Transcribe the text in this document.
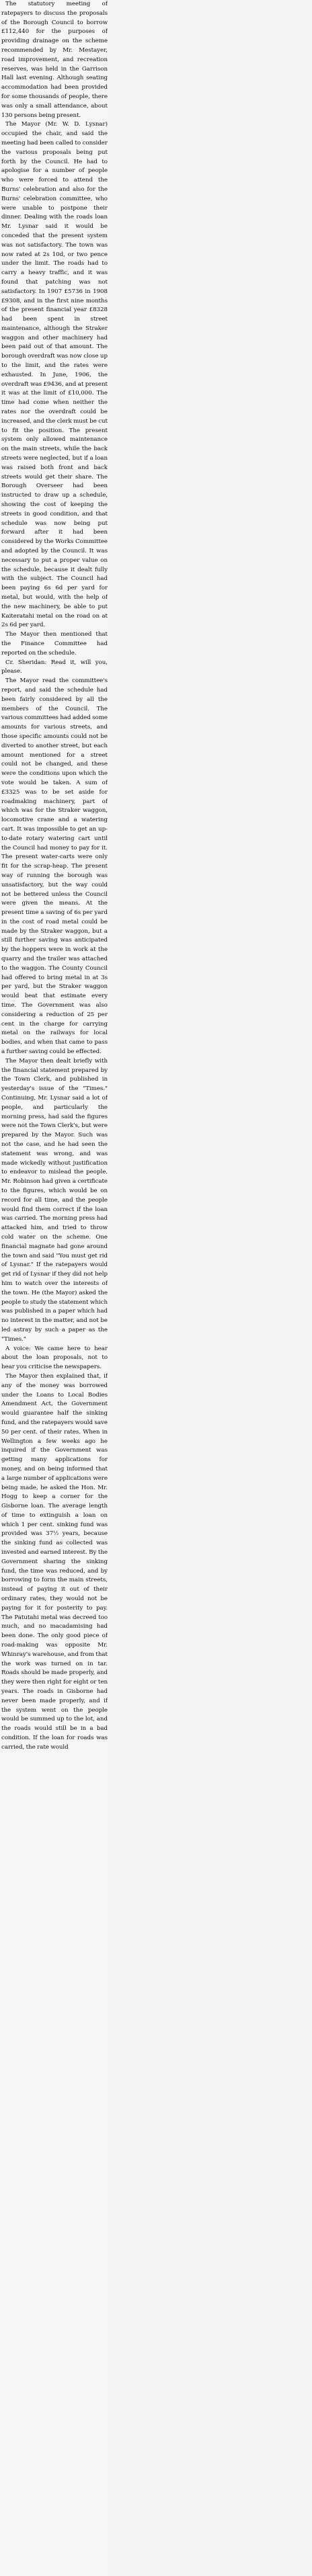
The statutory meeting of ratepayers to discuss the proposals of the Borough Council to borrow £112,440 for the purposes of providing drainage on the scheme recommended by Mr. Mestayer, road improvement, and recreation reserves, was held in the Garrison Hall last evening. Although seating accommodation had been provided for some thousands of people, there was only a small attendance, about 130 persons being present.

The Mayor (Mr. W. D. Lysnar) occupied the chair, and said the meeting had been called to consider the various proposals being put forth by the Council. He had to apologise for a number of people who were forced to attend the Burns' celebration and also for the Burns' celebration committee, who were unable to postpone their dinner. Dealing with the roads loan Mr. Lysnar said it would be conceded that the present system was not satisfactory. The town was now rated at 2s 10d, or two pence under the limit. The roads had to carry a heavy traffic, and it was found that patching was not satisfactory. In 1907 £5736 in 1908 £9308, and in the first nine months of the present financial year £8328 had been spent in street maintenance, although the Straker waggon and other machinery had been paid out of that amount. The borough overdraft was now close up to the limit, and the rates were exhausted. In June, 1906, the overdraft was £9436, and at present it was at the limit of £10,000. The time had come when neither the rates nor the overdraft could be increased, and the clerk must be cut to fit the position. The present system only allowed maintenance on the main streets, while the back streets were neglected, but if a loan was raised both front and back streets would get their share. The Borough Overseer had been instructed to draw up a schedule, showing the cost of keeping the streets in good condition, and that schedule was now being put forward after it had been considered by the Works Committee and adopted by the Council. It was necessary to put a proper value on the schedule, because it dealt fully with the subject. The Council had been paying 6s 6d per yard for metal, but would, with the help of the new machinery, be able to put Kaiteratahi metal on the road on at 2s 6d per yard.

The Mayor then mentioned that the Finance Committee had reported on the schedule.

Cr. Sheridan: Read it, will you, please.

The Mayor read the committee's report, and said the schedule had been fairly considered by all the members of the Council. The various committees had added some amounts for various streets, and those specific amounts could not be diverted to another street, but each amount mentioned for a street could not be changed, and these were the conditions upon which the vote would be taken. A sum of £3325 was to be set aside for roadmaking machinery, part of which was for the Straker waggon, locomotive crane and a watering cart. It was impossible to get an up-to-date rotary watering cart until the Council had money to pay for it. The present water-carts were only fit for the scrap-heap. The present way of running the borough was unsatisfactory, but the way could not be bettered unless the Council were given the means. At the present time a saving of 6s per yard in the cost of road metal could be made by the Straker waggon, but a still further saving was anticipated by the hoppers were in work at the quarry and the trailer was attached to the waggon. The County Council had offered to bring metal in at 3s per yard, but the Straker waggon would beat that estimate every time. The Government was also considering a reduction of 25 per cent in the charge for carrying metal on the railways for local bodies, and when that came to pass a further saving could be effected.

The Mayor then dealt briefly with the financial statement prepared by the Town Clerk, and published in yesterday's issue of the "Times." Continuing, Mr. Lysnar said a lot of people, and particularly the morning press, had said the figures were not the Town Clerk's, but were prepared by the Mayor. Such was not the case, and he had seen the statement was wrong, and was made wickedly without justification to endeavor to mislead the people. Mr. Robinson had given a certificate to the figures, which would be on record for all time, and the people would find them correct if the loan was carried. The morning press had attacked him, and tried to throw cold water on the scheme. One financial magnate had gone around the town and said "You must get rid of Lysnar." If the ratepayers would get rid of Lysnar if they did not help him to watch over the interests of the town. He (the Mayor) asked the people to study the statement which was published in a paper which had no interest in the matter, and not be led astray by such a paper as the "Times."

A voice: We came here to hear about the loan proposals, not to hear you criticise the newspapers.

The Mayor then explained that, if any of the money was borrowed under the Loans to Local Bodies Amendment Act, the Government would guarantee half the sinking fund, and the ratepayers would save 50 per cent. of their rates. When in Wellington a few weeks ago he inquired if the Government was getting many applications for money, and on being informed that a large number of applications were being made, he asked the Hon. Mr. Hogg to keep a corner for the Gisborne loan. The average length of time to extinguish a loan on which 1 per cent. sinking fund was provided was 37½ years, because the sinking fund as collected was invested and earned interest. By the Government sharing the sinking fund, the time was reduced, and by borrowing to form the main streets, instead of paying it out of their ordinary rates, they would not be paying for it for posterity to pay. The Patutahi metal was decreed too much, and no macadamising had been done. The only good piece of road-making was opposite Mr. Whinray's warehouse, and from that the work was turned on in tar. Roads should be made properly, and they were then right for eight or ten years. The roads in Gisborne had never been made properly, and if the system went on the people would be summed up to the lot, and the roads would still be in a bad condition. If the loan for roads was carried, the rate would
